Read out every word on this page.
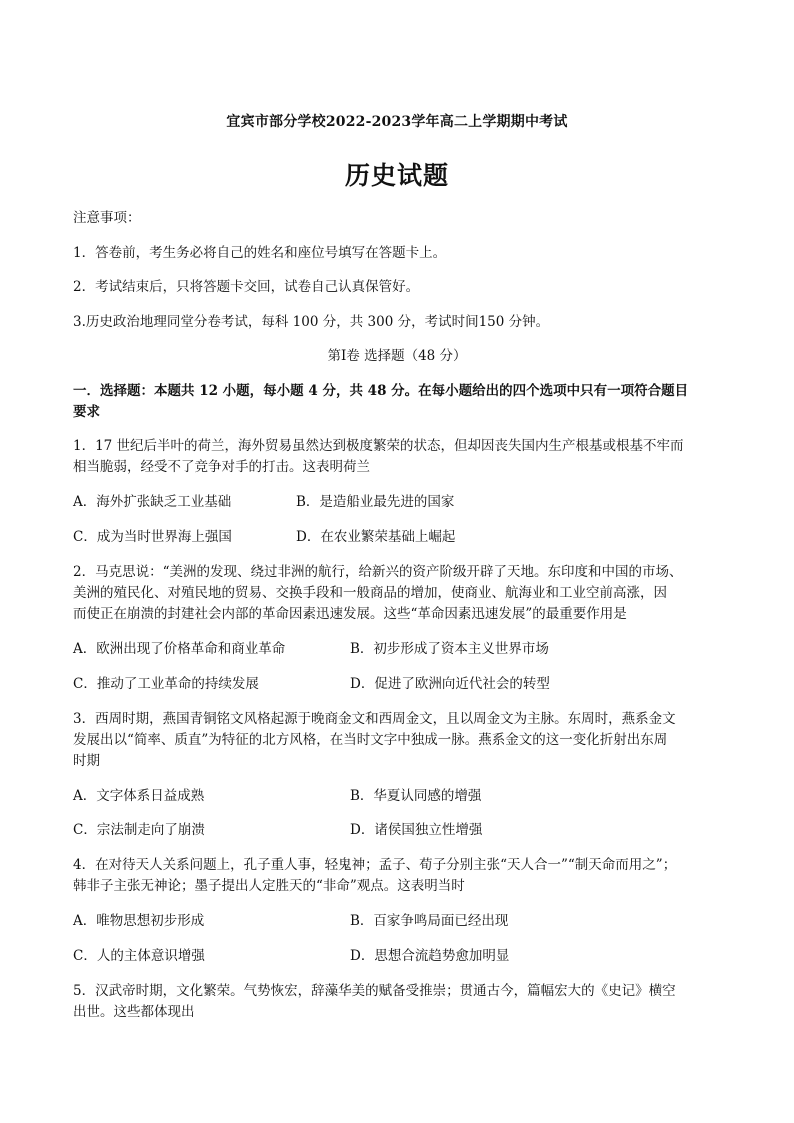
宜宾市部分学校2022-2023学年高二上学期期中考试
历史试题
注意事项：
1．答卷前，考生务必将自己的姓名和座位号填写在答题卡上。
2．考试结束后，只将答题卡交回，试卷自己认真保管好。
3.历史政治地理同堂分卷考试，每科 100 分，共 300 分，考试时间150 分钟。
第Ⅰ卷 选择题（48 分）
一．选择题：本题共 12 小题，每小题 4 分，共 48 分。在每小题给出的四个选项中只有一项符合题目
要求
1．17 世纪后半叶的荷兰，海外贸易虽然达到极度繁荣的状态，但却因丧失国内生产根基或根基不牢而
相当脆弱，经受不了竞争对手的打击。这表明荷兰
A．海外扩张缺乏工业基础	B．是造船业最先进的国家
C．成为当时世界海上强国	D．在农业繁荣基础上崛起
2．马克思说：“美洲的发现、绕过非洲的航行，给新兴的资产阶级开辟了天地。东印度和中国的市场、
美洲的殖民化、对殖民地的贸易、交换手段和一般商品的增加，使商业、航海业和工业空前高涨，因
而使正在崩溃的封建社会内部的革命因素迅速发展。这些“革命因素迅速发展”的最重要作用是
A．欧洲出现了价格革命和商业革命	B．初步形成了资本主义世界市场
C．推动了工业革命的持续发展	D．促进了欧洲向近代社会的转型
3．西周时期，燕国青铜铭文风格起源于晚商金文和西周金文，且以周金文为主脉。东周时，燕系金文
发展出以“简率、质直”为特征的北方风格，在当时文字中独成一脉。燕系金文的这一变化折射出东周
时期
A．文字体系日益成熟	B．华夏认同感的增强
C．宗法制走向了崩溃	D．诸侯国独立性增强
4．在对待天人关系问题上，孔子重人事，轻鬼神；孟子、荀子分别主张“天人合一”“制天命而用之”；
韩非子主张无神论；墨子提出人定胜天的“非命”观点。这表明当时
A．唯物思想初步形成	B．百家争鸣局面已经出现
C．人的主体意识增强	D．思想合流趋势愈加明显
5．汉武帝时期，文化繁荣。气势恢宏，辞藻华美的赋备受推崇；贯通古今，篇幅宏大的《史记》横空
出世。这些都体现出
